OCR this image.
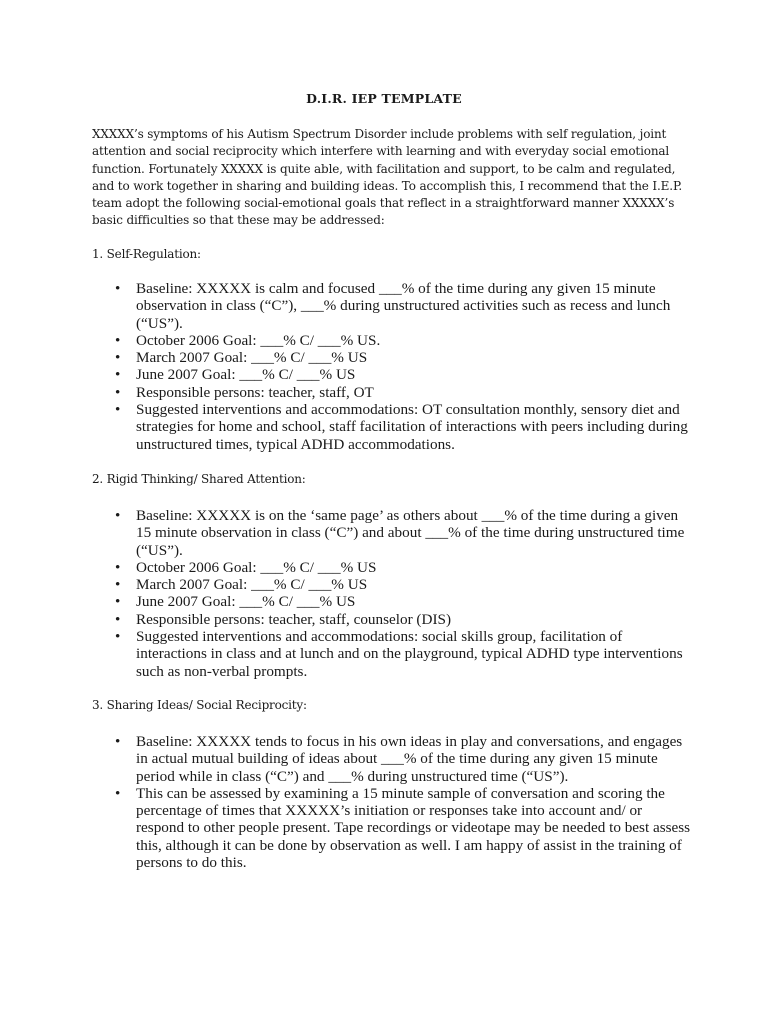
D.I.R. IEP TEMPLATE

XXXXX’s symptoms of his Autism Spectrum Disorder include problems with self regulation, joint attention and social reciprocity which interfere with learning and with everyday social emotional function. Fortunately XXXXX is quite able, with facilitation and support, to be calm and regulated, and to work together in sharing and building ideas. To accomplish this, I recommend that the I.E.P. team adopt the following social-emotional goals that reflect in a straightforward manner XXXXX’s basic difficulties so that these may be addressed:

1. Self-Regulation:

• Baseline: XXXXX is calm and focused ___% of the time during any given 15 minute observation in class (“C”), ___% during unstructured activities such as recess and lunch (“US”).
• October 2006 Goal: ___% C/ ___% US.
• March 2007 Goal: ___% C/ ___% US
• June 2007 Goal: ___% C/ ___% US
• Responsible persons: teacher, staff, OT
• Suggested interventions and accommodations: OT consultation monthly, sensory diet and strategies for home and school, staff facilitation of interactions with peers including during unstructured times, typical ADHD accommodations.

2. Rigid Thinking/ Shared Attention:

• Baseline: XXXXX is on the ‘same page’ as others about ___% of the time during a given 15 minute observation in class (“C”) and about ___% of the time during unstructured time (“US”).
• October 2006 Goal: ___% C/ ___% US
• March 2007 Goal: ___% C/ ___% US
• June 2007 Goal: ___% C/ ___% US
• Responsible persons: teacher, staff, counselor (DIS)
• Suggested interventions and accommodations: social skills group, facilitation of interactions in class and at lunch and on the playground, typical ADHD type interventions such as non-verbal prompts.

3. Sharing Ideas/ Social Reciprocity:

• Baseline: XXXXX tends to focus in his own ideas in play and conversations, and engages in actual mutual building of ideas about ___% of the time during any given 15 minute period while in class (“C”) and ___% during unstructured time (“US”).
• This can be assessed by examining a 15 minute sample of conversation and scoring the percentage of times that XXXXX’s initiation or responses take into account and/ or respond to other people present. Tape recordings or videotape may be needed to best assess this, although it can be done by observation as well. I am happy of assist in the training of persons to do this.
